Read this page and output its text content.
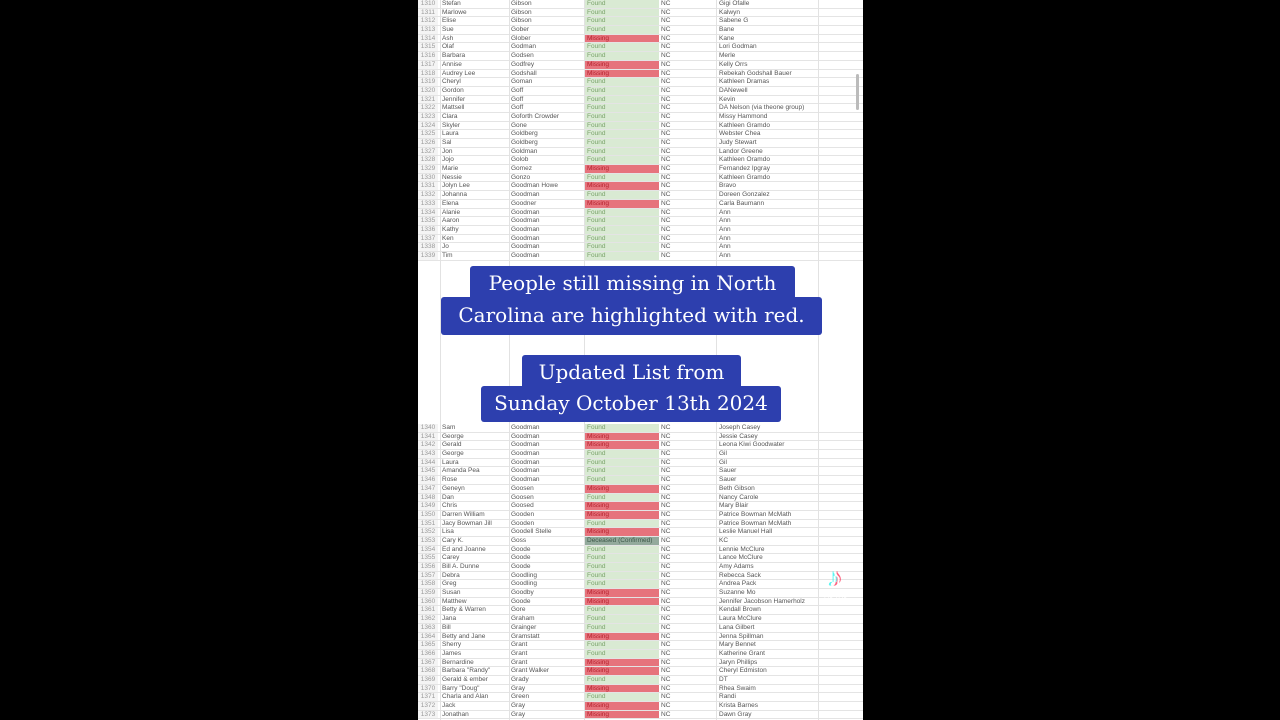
1310	Stefan	Gibson	Found	NC	Gigi Ofalle
1311	Marlowe	Gibson	Found	NC	Kalwyn
1312	Elise	Gibson	Found	NC	Sabene G
1313	Sue	Gober	Found	NC	Bane
1314	Ash	Glober	Missing	NC	Kane
1315	Olaf	Godman	Found	NC	Lori Godman
1316	Barbara	Godsen	Found	NC	Merle
1317	Annise	Godfrey	Missing	NC	Kelly Orrs
1318	Audrey Lee	Godshall	Missing	NC	Rebekah Godshall Bauer
1319	Cheryl	Goman	Found	NC	Kathleen Dramas
1320	Gordon	Goff	Found	NC	DANewell
1321	Jennifer	Goff	Found	NC	Kevin
1322	Mattsell	Goff	Found	NC	DA Nelson (via theone group)
1323	Clara	Goforth Crowder	Found	NC	Missy Hammond
1324	Skyler	Gone	Found	NC	Kathleen Gramdo
1325	Laura	Goldberg	Found	NC	Webster Chea
1326	Sal	Goldberg	Found	NC	Judy Stewart
1327	Jon	Goldman	Found	NC	Landor Greene
1328	Jojo	Golob	Found	NC	Kathleen Oramdo
1329	Marie	Gomez	Missing	NC	Fernandez Ipgray
1330	Nessie	Gonzo	Found	NC	Kathleen Gramdo
1331	Jolyn Lee	Goodman Howe	Missing	NC	Bravo
1332	Johanna	Goodman	Found	NC	Doreen Gonzalez
1333	Elena	Goodner	Missing	NC	Carla Baumann
1334	Alanie	Goodman	Found	NC	Ann
1335	Aaron	Goodman	Found	NC	Ann
1336	Kathy	Goodman	Found	NC	Ann
1337	Ken	Goodman	Found	NC	Ann
1338	Jo	Goodman	Found	NC	Ann
1339	Tim	Goodman	Found	NC	Ann
1340	Sam	Goodman	Found	NC	Joseph Casey
1341	George	Goodman	Missing	NC	Jessie Casey
1342	Gerald	Goodman	Missing	NC	Leona Kiwi Goodwater
1343	George	Goodman	Found	NC	Gil
1344	Laura	Goodman	Found	NC	Gil
1345	Amanda Pea	Goodman	Found	NC	Sauer
1346	Rose	Goodman	Found	NC	Sauer
1347	Geneyn	Goosen	Missing	NC	Beth Gibson
1348	Dan	Goosen	Found	NC	Nancy Carole
1349	Chris	Goosed	Missing	NC	Mary Blair
1350	Darren William	Gooden	Missing	NC	Patrice Bowman McMath
1351	Jacy Bowman Jill	Gooden	Found	NC	Patrice Bowman McMath
1352	Lisa	Goodell Stelle	Missing	NC	Leslie Manuel Hall
1353	Cary K.	Goss	Deceased (Confirmed)	NC	KC
1354	Ed and Joanne	Goode	Found	NC	Lennie McClure
1355	Carey	Goode	Found	NC	Lance McClure
1356	Bill A. Dunne	Goode	Found	NC	Amy Adams
1357	Debra	Goodling	Found	NC	Rebecca Sack
1358	Greg	Goodling	Found	NC	Andrea Pack
1359	Susan	Goodby	Missing	NC	Suzanne Mo
1360	Matthew	Goode	Missing	NC	Jennifer Jacobson Hamerholz
1361	Betty & Warren	Gore	Found	NC	Kendall Brown
1362	Jana	Graham	Found	NC	Laura McClure
1363	Bill	Grainger	Found	NC	Lana Gilbert
1364	Betty and Jane	Gramstatt	Missing	NC	Jenna Spillman
1365	Sherry	Grant	Found	NC	Mary Bennet
1366	James	Grant	Found	NC	Katherine Grant
1367	Bernardine	Grant	Missing	NC	Jaryn Phillips
1368	Barbara "Randy"	Grant Walker	Missing	NC	Cheryl Edmiston
1369	Gerald & ember	Grady	Found	NC	DT
1370	Barry "Doug"	Gray	Missing	NC	Rhea Swaim
1371	Charla and Alan	Green	Found	NC	Randi
1372	Jack	Gray	Missing	NC	Krista Barnes
1373	Jonathan	Gray	Missing	NC	Dawn Gray
People still missing in North
Carolina are highlighted with red.
Updated List from
Sunday October 13th 2024
♪
TikTok
